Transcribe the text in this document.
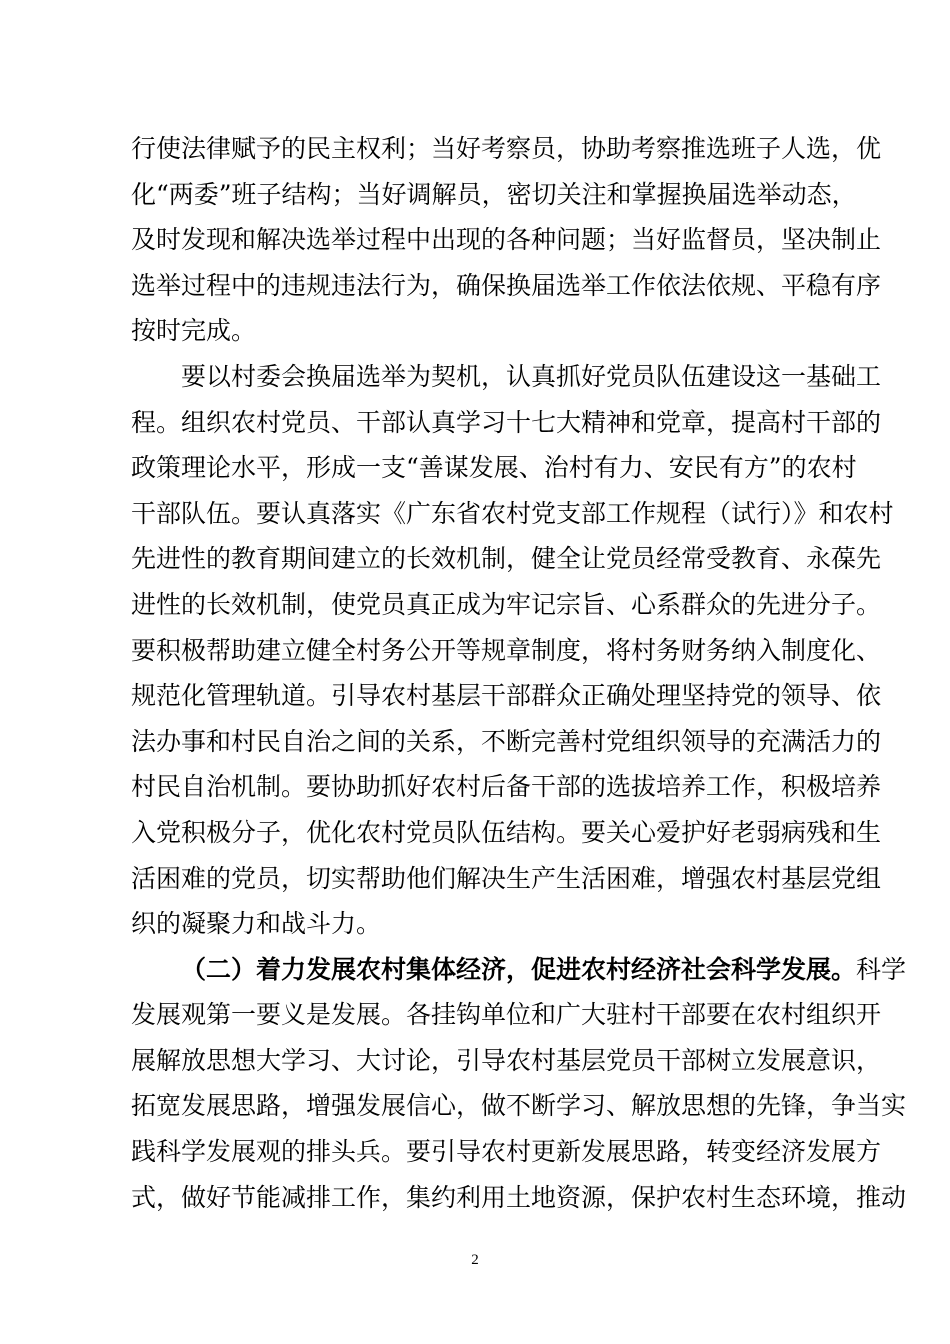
行使法律赋予的民主权利；当好考察员，协助考察推选班子人选，优
化“两委”班子结构；当好调解员，密切关注和掌握换届选举动态，
及时发现和解决选举过程中出现的各种问题；当好监督员，坚决制止
选举过程中的违规违法行为，确保换届选举工作依法依规、平稳有序
按时完成。
要以村委会换届选举为契机，认真抓好党员队伍建设这一基础工
程。组织农村党员、干部认真学习十七大精神和党章，提高村干部的
政策理论水平，形成一支“善谋发展、治村有力、安民有方”的农村
干部队伍。要认真落实《广东省农村党支部工作规程（试行）》和农村
先进性的教育期间建立的长效机制，健全让党员经常受教育、永葆先
进性的长效机制，使党员真正成为牢记宗旨、心系群众的先进分子。
要积极帮助建立健全村务公开等规章制度，将村务财务纳入制度化、
规范化管理轨道。引导农村基层干部群众正确处理坚持党的领导、依
法办事和村民自治之间的关系，不断完善村党组织领导的充满活力的
村民自治机制。要协助抓好农村后备干部的选拔培养工作，积极培养
入党积极分子，优化农村党员队伍结构。要关心爱护好老弱病残和生
活困难的党员，切实帮助他们解决生产生活困难，增强农村基层党组
织的凝聚力和战斗力。
（二）着力发展农村集体经济，促进农村经济社会科学发展。科学
发展观第一要义是发展。各挂钩单位和广大驻村干部要在农村组织开
展解放思想大学习、大讨论，引导农村基层党员干部树立发展意识，
拓宽发展思路，增强发展信心，做不断学习、解放思想的先锋，争当实
践科学发展观的排头兵。要引导农村更新发展思路，转变经济发展方
式，做好节能减排工作，集约利用土地资源，保护农村生态环境，推动
2
